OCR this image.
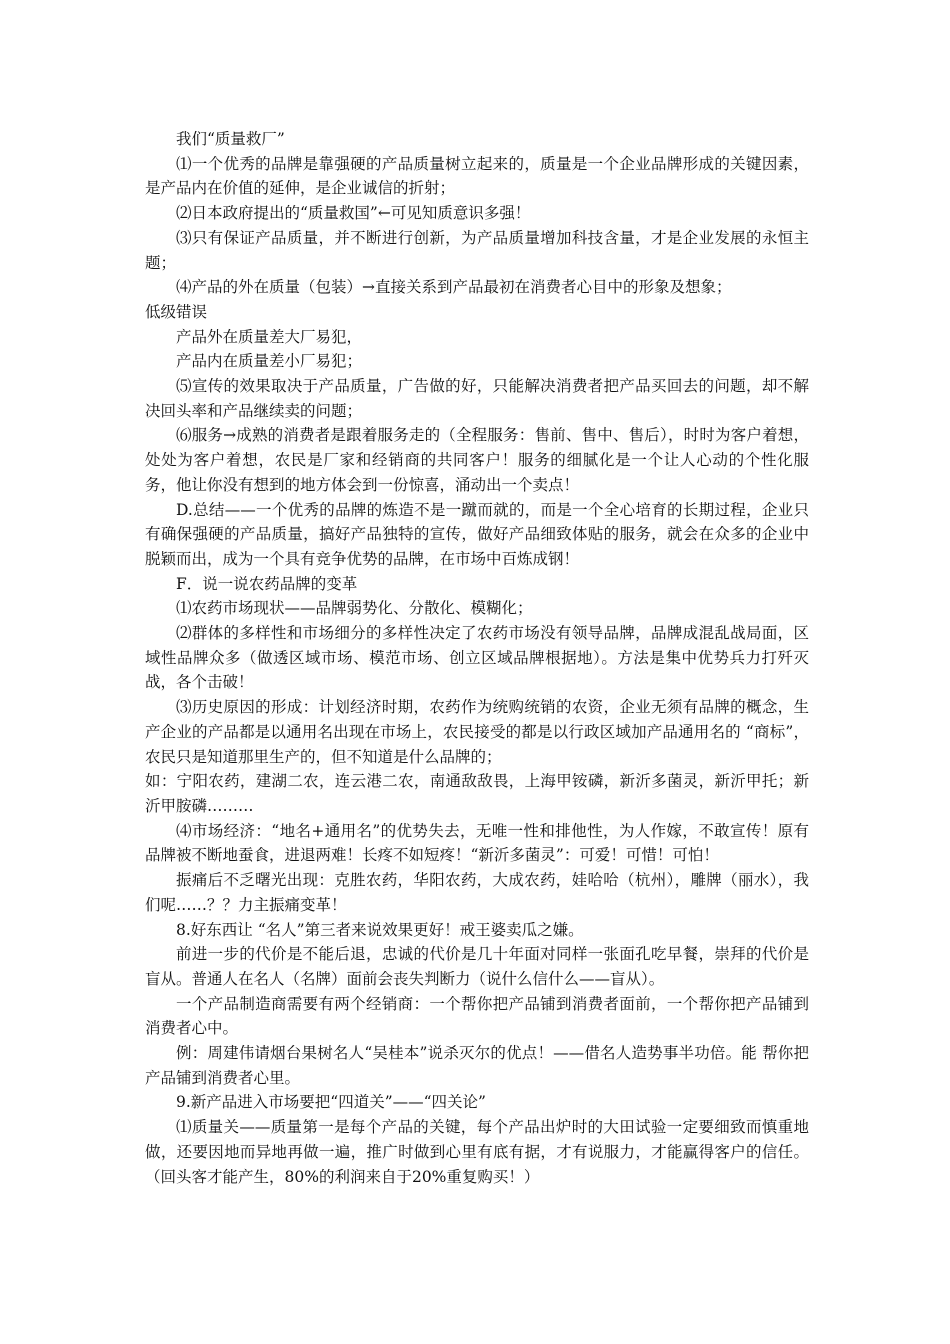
我们“质量救厂”

⑴一个优秀的品牌是靠强硬的产品质量树立起来的，质量是一个企业品牌形成的关键因素，是产品内在价值的延伸，是企业诚信的折射；

⑵日本政府提出的“质量救国”←可见知质意识多强！

⑶只有保证产品质量，并不断进行创新，为产品质量增加科技含量，才是企业发展的永恒主题；

⑷产品的外在质量（包装）→直接关系到产品最初在消费者心目中的形象及想象；

低级错误

产品外在质量差大厂易犯，

产品内在质量差小厂易犯；

⑸宣传的效果取决于产品质量，广告做的好，只能解决消费者把产品买回去的问题，却不解决回头率和产品继续卖的问题；

⑹服务→成熟的消费者是跟着服务走的（全程服务：售前、售中、售后），时时为客户着想，处处为客户着想，农民是厂家和经销商的共同客户！服务的细腻化是一个让人心动的个性化服务，他让你没有想到的地方体会到一份惊喜，涌动出一个卖点！

D.总结——一个优秀的品牌的炼造不是一蹴而就的，而是一个全心培育的长期过程，企业只有确保强硬的产品质量，搞好产品独特的宣传，做好产品细致体贴的服务，就会在众多的企业中脱颖而出，成为一个具有竞争优势的品牌，在市场中百炼成钢！

F．说一说农药品牌的变革

⑴农药市场现状——品牌弱势化、分散化、模糊化；

⑵群体的多样性和市场细分的多样性决定了农药市场没有领导品牌，品牌成混乱战局面，区域性品牌众多（做透区域市场、模范市场、创立区域品牌根据地）。方法是集中优势兵力打歼灭战，各个击破！

⑶历史原因的形成：计划经济时期，农药作为统购统销的农资，企业无须有品牌的概念，生产企业的产品都是以通用名出现在市场上，农民接受的都是以行政区域加产品通用名的 “商标”，农民只是知道那里生产的，但不知道是什么品牌的；

如：宁阳农药，建湖二农，连云港二农，南通敌敌畏，上海甲铵磷，新沂多菌灵，新沂甲托；新沂甲胺磷………

⑷市场经济：“地名+通用名”的优势失去，无唯一性和排他性，为人作嫁，不敢宣传！原有品牌被不断地蚕食，进退两难！长疼不如短疼！“新沂多菌灵”：可爱！可惜！可怕！

振痛后不乏曙光出现：克胜农药，华阳农药，大成农药，娃哈哈（杭州），雕牌（丽水），我们呢……？？力主振痛变革！

8.好东西让 “名人”第三者来说效果更好！戒王婆卖瓜之嫌。

前进一步的代价是不能后退，忠诚的代价是几十年面对同样一张面孔吃早餐，崇拜的代价是盲从。普通人在名人（名牌）面前会丧失判断力（说什么信什么——盲从）。

一个产品制造商需要有两个经销商：一个帮你把产品铺到消费者面前，一个帮你把产品铺到消费者心中。

例：周建伟请烟台果树名人“吴桂本”说杀灭尔的优点！——借名人造势事半功倍。能 帮你把产品铺到消费者心里。

9.新产品进入市场要把“四道关”——“四关论”

⑴质量关——质量第一是每个产品的关键，每个产品出炉时的大田试验一定要细致而慎重地做，还要因地而异地再做一遍，推广时做到心里有底有据，才有说服力，才能赢得客户的信任。（回头客才能产生，80%的利润来自于20%重复购买！）
